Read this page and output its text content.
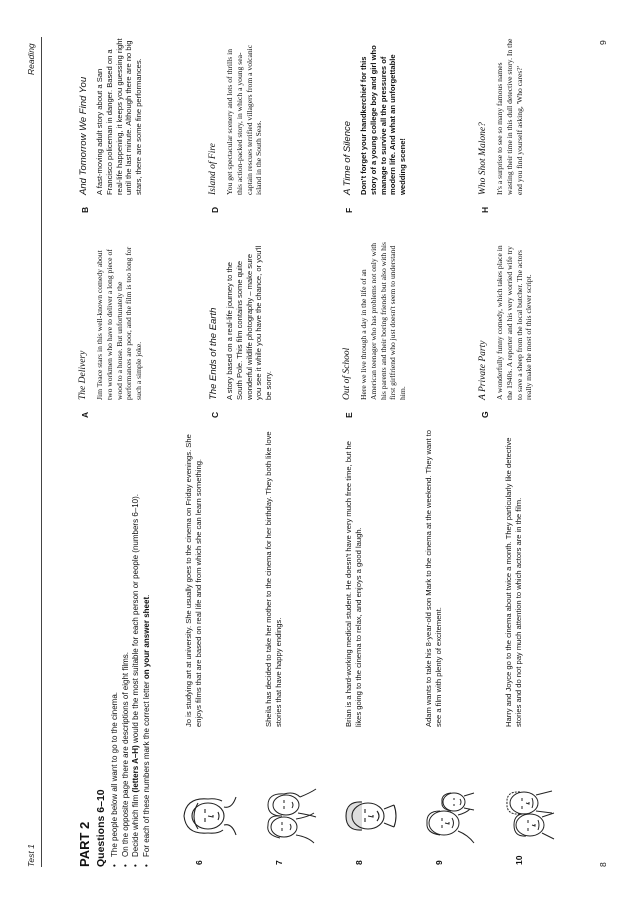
Test 1
Reading
8
9
PART 2 Questions 6–10 •
The people below all want to go to the cinema.
•
On the opposite page there are descriptions of eight films.
•
Decide which film (letters A–H) would be the most suitable for each person or people (numbers 6–10).
•
For each of these numbers mark the correct letter on your answer sheet.
6
Jo is studying art at university. She usually goes to the cinema on Friday evenings. She enjoys films that are based on real life and from which she can learn something.
7
Sheila has decided to take her mother to the cinema for her birthday. They both like love stories that have happy endings.
8
Brian is a hard-working medical student. He doesn't have very much free time, but he likes going to the cinema to relax, and enjoys a good laugh.
9
Adam wants to take his 8-year-old son Mark to the cinema at the weekend. They want to see a film with plenty of excitement.
10
Harry and Joyce go to the cinema about twice a month. They particularly like detective stories and do not pay much attention to which actors are in the film.
A
The Delivery Jim Teace stars in this well-known comedy about two workmen who have to deliver a long piece of wood to a house. But unfortunately the performances are poor, and the film is too long for such a simple joke.
B
And Tomorrow We Find You A fast-moving adult story about a San Francisco policeman in danger. Based on a real-life happening, it keeps you guessing right until the last minute. Although there are no big stars, there are some fine performances.
C
The Ends of the Earth A story based on a real-life journey to the South Pole. This film contains some quite wonderful wildlife photography – make sure you see it while you have the chance, or you'll be sorry.
D
Island of Fire You get spectacular scenery and lots of thrills in this action-packed story, in which a young sea-captain rescues terrified villagers from a volcanic island in the South Seas.
E
Out of School Here we live through a day in the life of an American teenager who has problems not only with his parents and their boring friends but also with his first girlfriend who just doesn't seem to understand him.
F
A Time of Silence Don't forget your handkerchief for this story of a young college boy and girl who manage to survive all the pressures of modern life. And what an unforgettable wedding scene!
G
A Private Party A wonderfully funny comedy, which takes place in the 1940s. A reporter and his very worried wife try to save a sheep from the local butcher. The actors really make the most of this clever script.
H
Who Shot Malone? It's a surprise to see so many famous names wasting their time in this dull detective story. In the end you find yourself asking, 'Who cares?'
